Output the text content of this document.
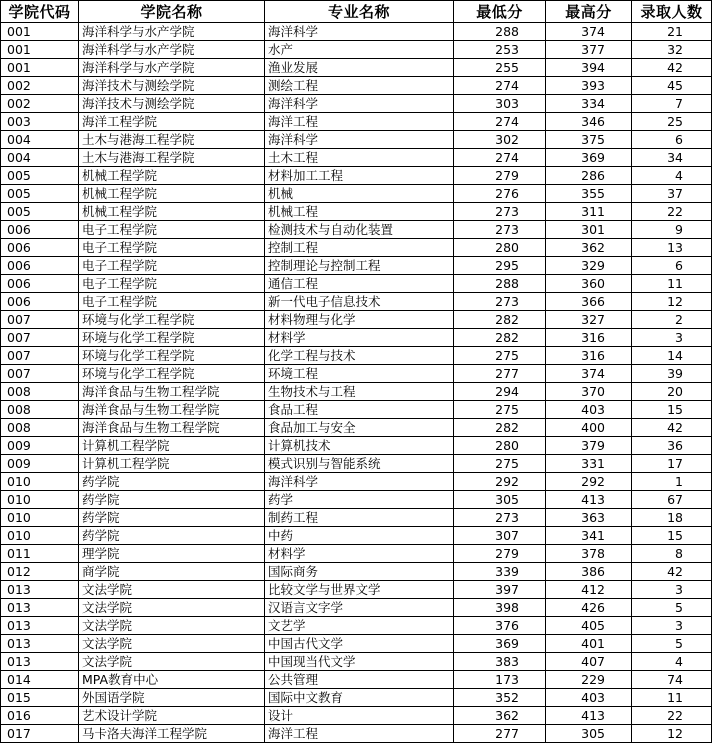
学院代码	学院名称	专业名称	最低分	最高分	录取人数
001	海洋科学与水产学院	海洋科学	288	374	21
001	海洋科学与水产学院	水产	253	377	32
001	海洋科学与水产学院	渔业发展	255	394	42
002	海洋技术与测绘学院	测绘工程	274	393	45
002	海洋技术与测绘学院	海洋科学	303	334	7
003	海洋工程学院	海洋工程	274	346	25
004	土木与港海工程学院	海洋科学	302	375	6
004	土木与港海工程学院	土木工程	274	369	34
005	机械工程学院	材料加工工程	279	286	4
005	机械工程学院	机械	276	355	37
005	机械工程学院	机械工程	273	311	22
006	电子工程学院	检测技术与自动化装置	273	301	9
006	电子工程学院	控制工程	280	362	13
006	电子工程学院	控制理论与控制工程	295	329	6
006	电子工程学院	通信工程	288	360	11
006	电子工程学院	新一代电子信息技术	273	366	12
007	环境与化学工程学院	材料物理与化学	282	327	2
007	环境与化学工程学院	材料学	282	316	3
007	环境与化学工程学院	化学工程与技术	275	316	14
007	环境与化学工程学院	环境工程	277	374	39
008	海洋食品与生物工程学院	生物技术与工程	294	370	20
008	海洋食品与生物工程学院	食品工程	275	403	15
008	海洋食品与生物工程学院	食品加工与安全	282	400	42
009	计算机工程学院	计算机技术	280	379	36
009	计算机工程学院	模式识别与智能系统	275	331	17
010	药学院	海洋科学	292	292	1
010	药学院	药学	305	413	67
010	药学院	制药工程	273	363	18
010	药学院	中药	307	341	15
011	理学院	材料学	279	378	8
012	商学院	国际商务	339	386	42
013	文法学院	比较文学与世界文学	397	412	3
013	文法学院	汉语言文字学	398	426	5
013	文法学院	文艺学	376	405	3
013	文法学院	中国古代文学	369	401	5
013	文法学院	中国现当代文学	383	407	4
014	MPA教育中心	公共管理	173	229	74
015	外国语学院	国际中文教育	352	403	11
016	艺术设计学院	设计	362	413	22
017	马卡洛夫海洋工程学院	海洋工程	277	305	12
